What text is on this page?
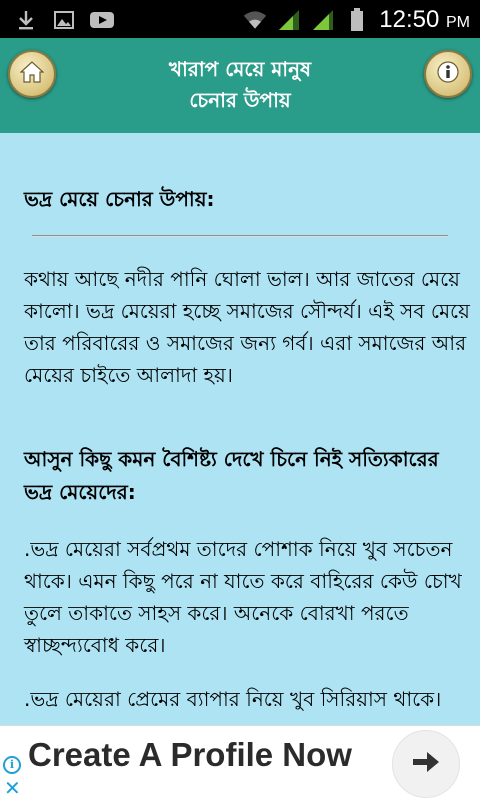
12:50 PM
খারাপ মেয়ে মানুষ
চেনার উপায়

ভদ্র মেয়ে চেনার উপায়:

কথায় আছে নদীর পানি ঘোলা ভাল। আর জাতের মেয়ে কালো। ভদ্র মেয়েরা হচ্ছে সমাজের সৌন্দর্য। এই সব মেয়ে তার পরিবারের ও সমাজের জন্য গর্ব। এরা সমাজের আর মেয়ের চাইতে আলাদা হয়।

আসুন কিছু কমন বৈশিষ্ট্য দেখে চিনে নিই সত্যিকারের ভদ্র মেয়েদের:

.ভদ্র মেয়েরা সর্বপ্রথম তাদের পোশাক নিয়ে খুব সচেতন থাকে। এমন কিছু পরে না যাতে করে বাহিরের কেউ চোখ তুলে তাকাতে সাহস করে। অনেকে বোরখা পরতে স্বাচ্ছন্দ্যবোধ করে।

.ভদ্র মেয়েরা প্রেমের ব্যাপার নিয়ে খুব সিরিয়াস থাকে।

i
✕
Create A Profile Now
